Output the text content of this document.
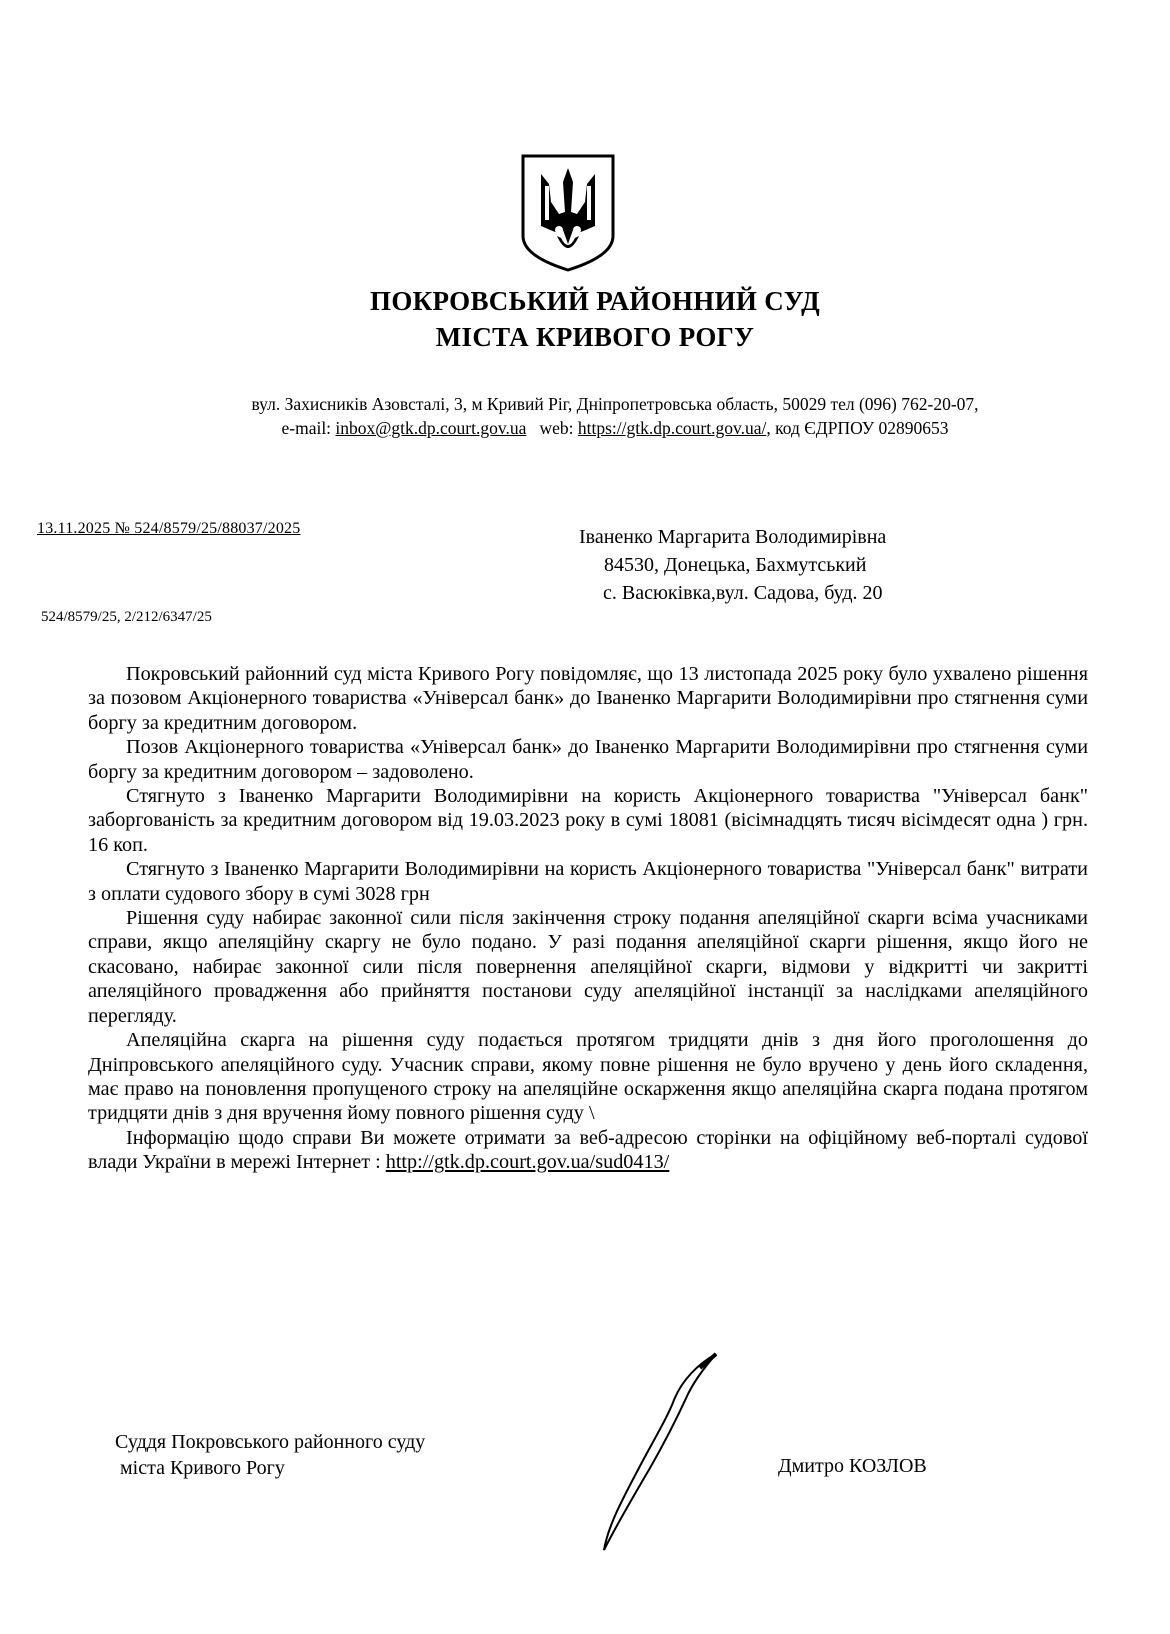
ПОКРОВСЬКИЙ РАЙОННИЙ СУД
МІСТА КРИВОГО РОГУ
вул. Захисників Азовсталі, 3, м Кривий Ріг, Дніпропетровська область, 50029 тел (096) 762-20-07,
e-mail: inbox@gtk.dp.court.gov.ua web: https://gtk.dp.court.gov.ua/, код ЄДРПОУ 02890653
13.11.2025 № 524/8579/25/88037/2025
524/8579/25, 2/212/6347/25
Іваненко Маргарита Володимирівна
84530, Донецька, Бахмутський
с. Васюківка,вул. Садова, буд. 20

Покровський районний суд міста Кривого Рогу повідомляє, що 13 листопада 2025 року було ухвалено рішення за позовом Акціонерного товариства «Універсал банк» до Іваненко Маргарити Володимирівни про стягнення суми боргу за кредитним договором.

Позов Акціонерного товариства «Універсал банк» до Іваненко Маргарити Володимирівни про стягнення суми боргу за кредитним договором – задоволено.

Стягнуто з Іваненко Маргарити Володимирівни на користь Акціонерного товариства "Універсал банк" заборгованість за кредитним договором від 19.03.2023 року в сумі 18081 (вісімнадцять тисяч вісімдесят одна ) грн. 16 коп.

Стягнуто з Іваненко Маргарити Володимирівни на користь Акціонерного товариства "Універсал банк" витрати з оплати судового збору в сумі 3028 грн

Рішення суду набирає законної сили після закінчення строку подання апеляційної скарги всіма учасниками справи, якщо апеляційну скаргу не було подано. У разі подання апеляційної скарги рішення, якщо його не скасовано, набирає законної сили після повернення апеляційної скарги, відмови у відкритті чи закритті апеляційного провадження або прийняття постанови суду апеляційної інстанції за наслідками апеляційного перегляду.

Апеляційна скарга на рішення суду подається протягом тридцяти днів з дня його проголошення до Дніпровського апеляційного суду. Учасник справи, якому повне рішення не було вручено у день його складення, має право на поновлення пропущеного строку на апеляційне оскарження якщо апеляційна скарга подана протягом тридцяти днів з дня вручення йому повного рішення суду \

Інформацію щодо справи Ви можете отримати за веб-адресою сторінки на офіційному веб-порталі судової влади України в мережі Інтернет : http://gtk.dp.court.gov.ua/sud0413/

Суддя Покровського районного суду
міста Кривого Рогу	Дмитро КОЗЛОВ
